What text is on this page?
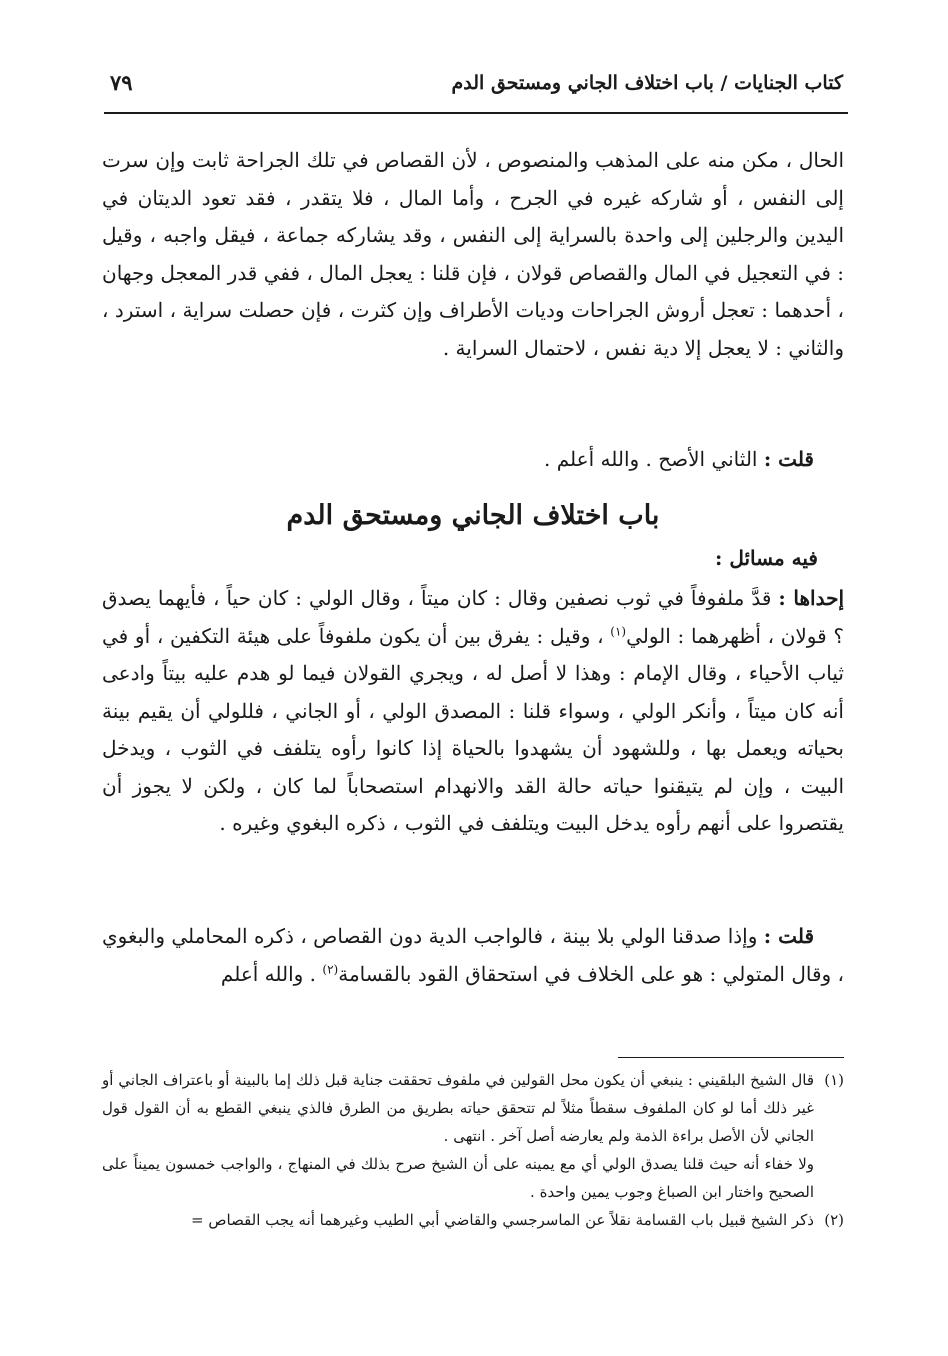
كتاب الجنايات / باب اختلاف الجاني ومستحق الدم
٧٩
الحال ، مكن منه على المذهب والمنصوص ، لأن القصاص في تلك الجراحة ثابت وإن سرت إلى النفس ، أو شاركه غيره في الجرح ، وأما المال ، فلا يتقدر ، فقد تعود الديتان في اليدين والرجلين إلى واحدة بالسراية إلى النفس ، وقد يشاركه جماعة ، فيقل واجبه ، وقيل : في التعجيل في المال والقصاص قولان ، فإن قلنا : يعجل المال ، ففي قدر المعجل وجهان ، أحدهما : تعجل أروش الجراحات وديات الأطراف وإن كثرت ، فإن حصلت سراية ، استرد ، والثاني : لا يعجل إلا دية نفس ، لاحتمال السراية .
قلت : الثاني الأصح . والله أعلم .
باب اختلاف الجاني ومستحق الدم
فيه مسائل :
إحداها : قدَّ ملفوفاً في ثوب نصفين وقال : كان ميتاً ، وقال الولي : كان حياً ، فأيهما يصدق ؟ قولان ، أظهرهما : الولي$^{(١)}$ ، وقيل : يفرق بين أن يكون ملفوفاً على هيئة التكفين ، أو في ثياب الأحياء ، وقال الإمام : وهذا لا أصل له ، ويجري القولان فيما لو هدم عليه بيتاً وادعى أنه كان ميتاً ، وأنكر الولي ، وسواء قلنا : المصدق الولي ، أو الجاني ، فللولي أن يقيم بينة بحياته ويعمل بها ، وللشهود أن يشهدوا بالحياة إذا كانوا رأوه يتلفف في الثوب ، ويدخل البيت ، وإن لم يتيقنوا حياته حالة القد والانهدام استصحاباً لما كان ، ولكن لا يجوز أن يقتصروا على أنهم رأوه يدخل البيت ويتلفف في الثوب ، ذكره البغوي وغيره .
قلت : وإذا صدقنا الولي بلا بينة ، فالواجب الدية دون القصاص ، ذكره المحاملي والبغوي ، وقال المتولي : هو على الخلاف في استحقاق القود بالقسامة$^{(٢)}$ . والله أعلم
(١)
قال الشيخ البلقيني : ينبغي أن يكون محل القولين في ملفوف تحققت جناية قبل ذلك إما بالبينة أو باعتراف الجاني أو غير ذلك أما لو كان الملفوف سقطاً مثلاً لم تتحقق حياته بطريق من الطرق فالذي ينبغي القطع به أن القول قول الجاني لأن الأصل براءة الذمة ولم يعارضه أصل آخر . انتهى .
ولا خفاء أنه حيث قلنا يصدق الولي أي مع يمينه على أن الشيخ صرح بذلك في المنهاج ، والواجب خمسون يميناً على الصحيح واختار ابن الصباغ وجوب يمين واحدة .
(٢)
ذكر الشيخ قبيل باب القسامة نقلاً عن الماسرجسي والقاضي أبي الطيب وغيرهما أنه يجب القصاص =
